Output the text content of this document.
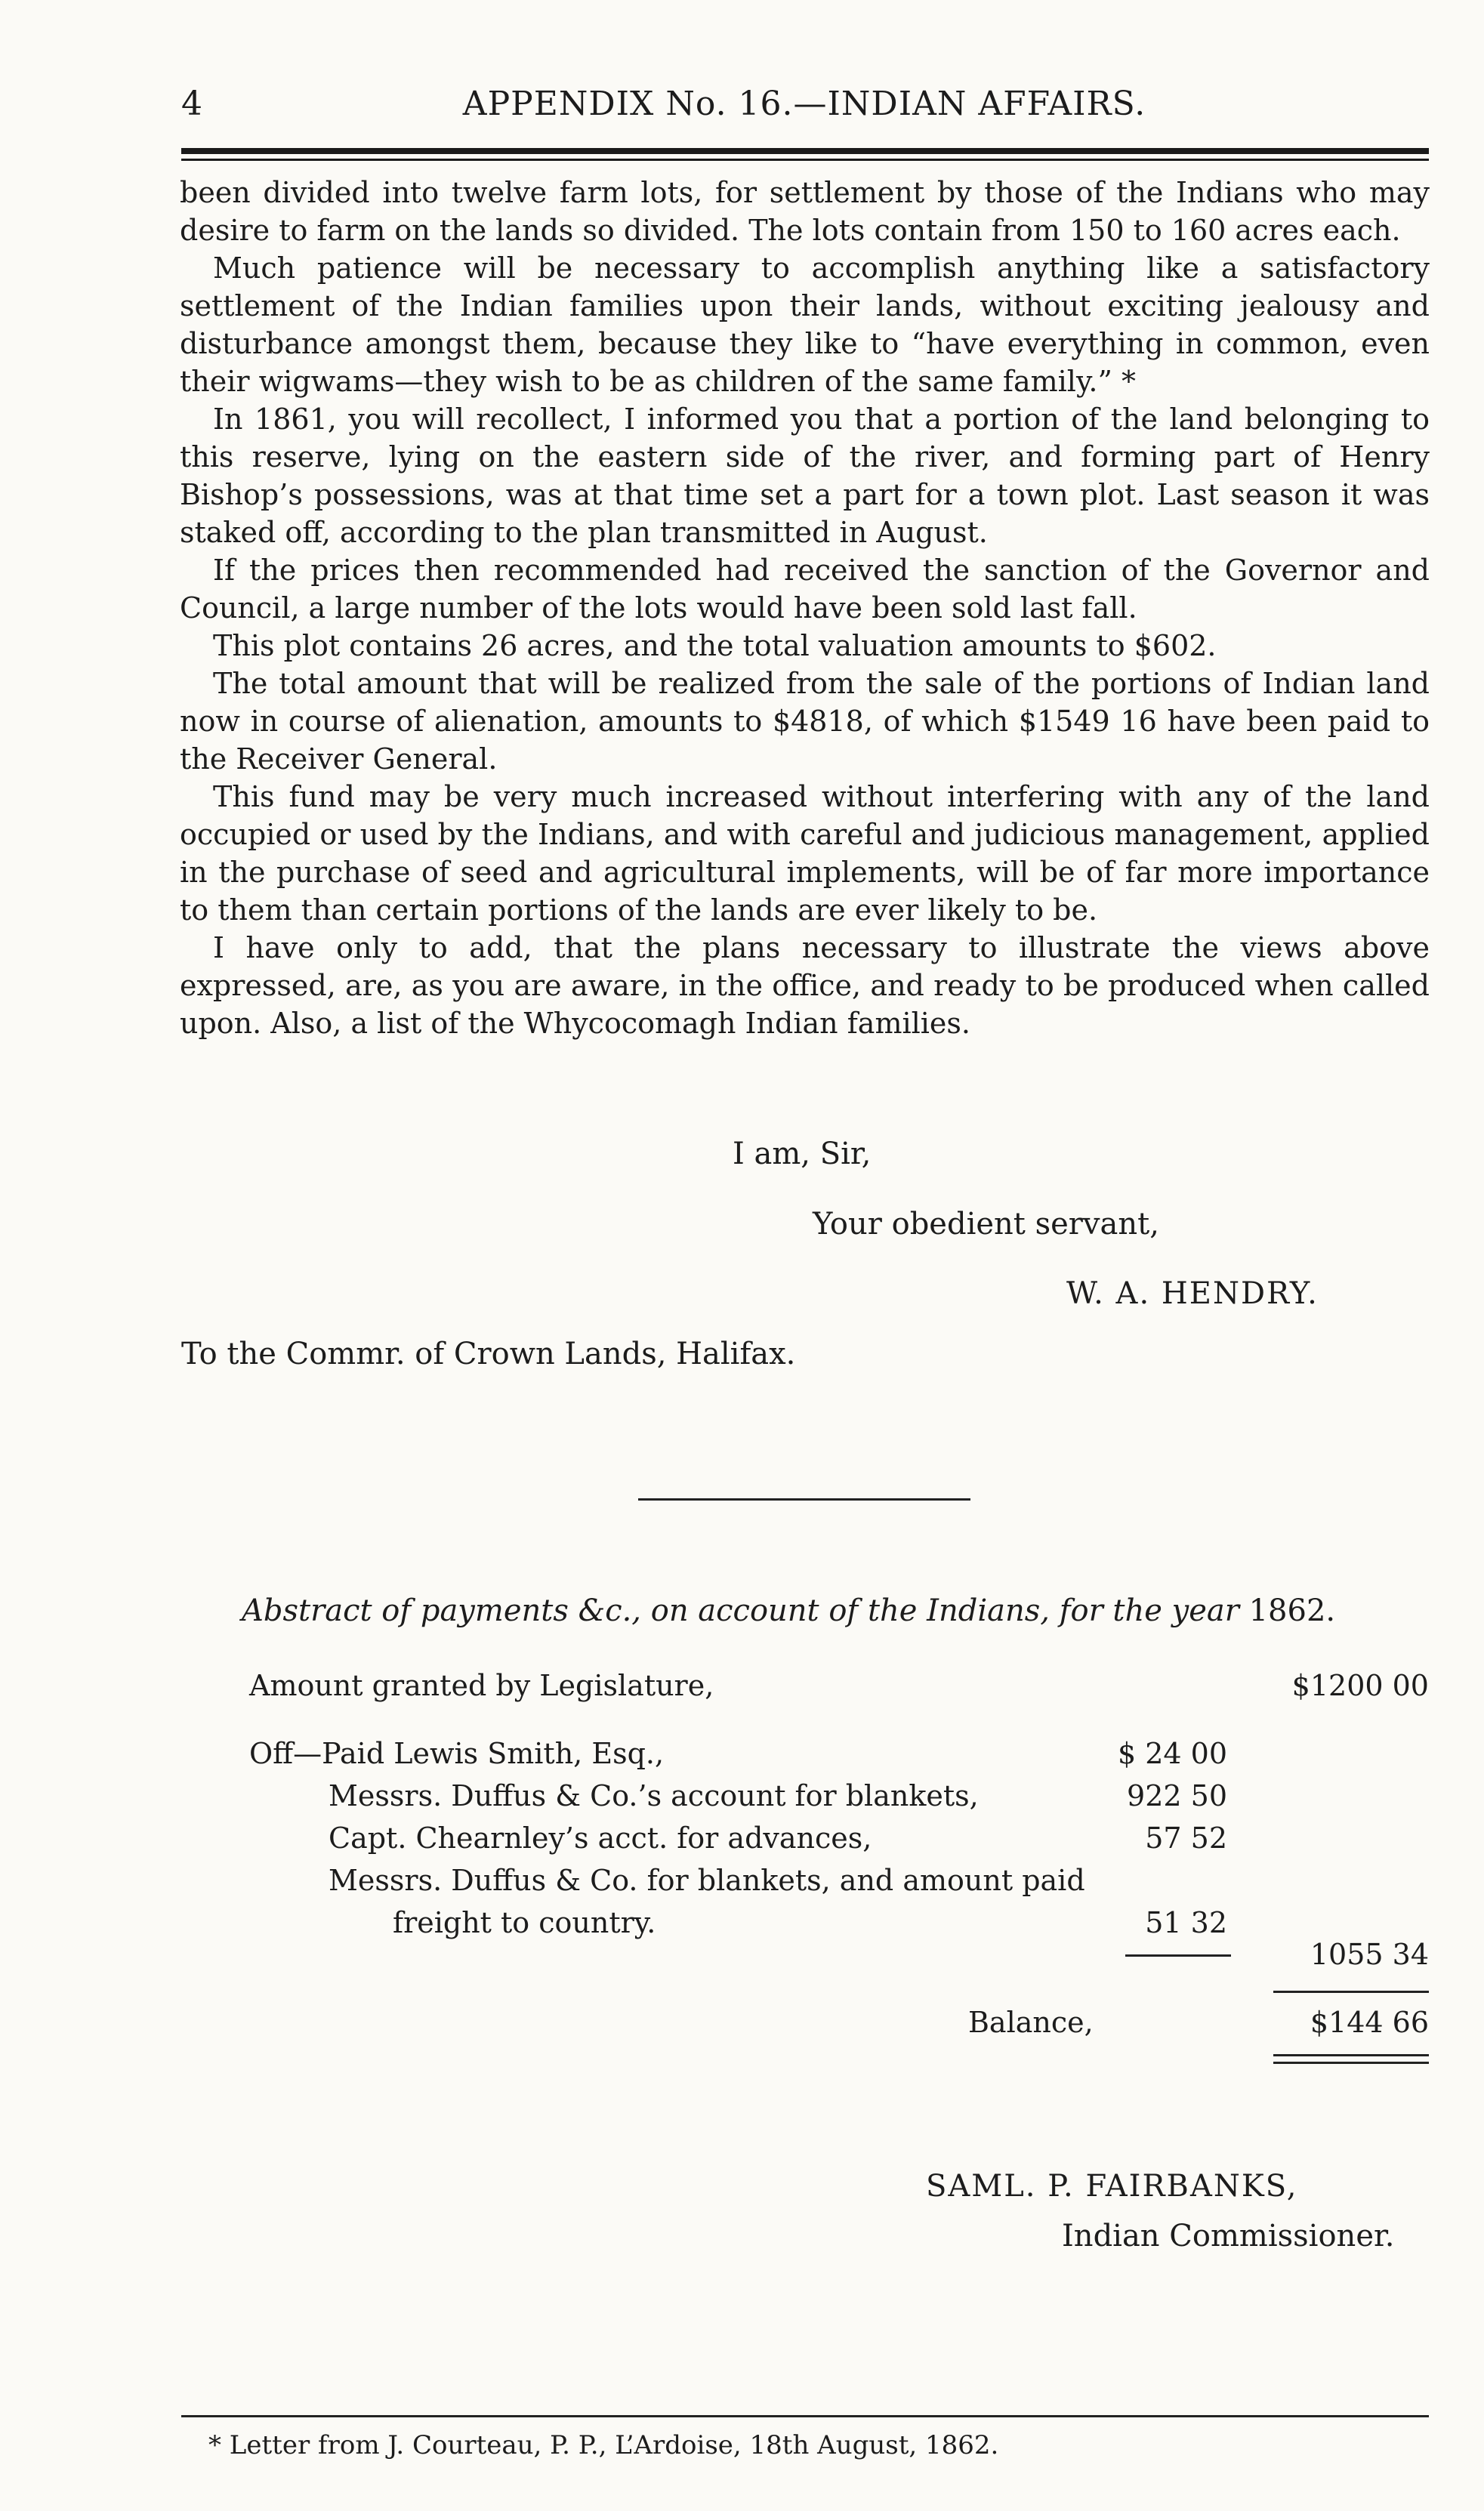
4	APPENDIX No. 16.—INDIAN AFFAIRS.

been divided into twelve farm lots, for settlement by those of the Indians who may desire to farm on the lands so divided. The lots contain from 150 to 160 acres each.

Much patience will be necessary to accomplish anything like a satisfactory settlement of the Indian families upon their lands, without exciting jealousy and disturbance amongst them, because they like to “have everything in common, even their wigwams—they wish to be as children of the same family.” *

In 1861, you will recollect, I informed you that a portion of the land belonging to this reserve, lying on the eastern side of the river, and forming part of Henry Bishop’s possessions, was at that time set a part for a town plot. Last season it was staked off, according to the plan transmitted in August.

If the prices then recommended had received the sanction of the Governor and Council, a large number of the lots would have been sold last fall.

This plot contains 26 acres, and the total valuation amounts to $602.

The total amount that will be realized from the sale of the portions of Indian land now in course of alienation, amounts to $4818, of which $1549 16 have been paid to the Receiver General.

This fund may be very much increased without interfering with any of the land occupied or used by the Indians, and with careful and judicious management, applied in the purchase of seed and agricultural implements, will be of far more importance to them than certain portions of the lands are ever likely to be.

I have only to add, that the plans necessary to illustrate the views above expressed, are, as you are aware, in the office, and ready to be produced when called upon. Also, a list of the Whycocomagh Indian families.

I am, Sir,
Your obedient servant,
W. A. HENDRY.
To the Commr. of Crown Lands, Halifax.
Abstract of payments &c., on account of the Indians, for the year 1862.
Amount granted by Legislature,	$1200 00
Off—Paid Lewis Smith, Esq.,	$ 24 00
Messrs. Duffus & Co.’s account for blankets,	922 50
Capt. Chearnley’s acct. for advances,	57 52
Messrs. Duffus & Co. for blankets, and amount paid
freight to country.	51 32
1055 34
Balance,	$144 66
SAML. P. FAIRBANKS,
Indian Commissioner.
* Letter from J. Courteau, P. P., L’Ardoise, 18th August, 1862.
